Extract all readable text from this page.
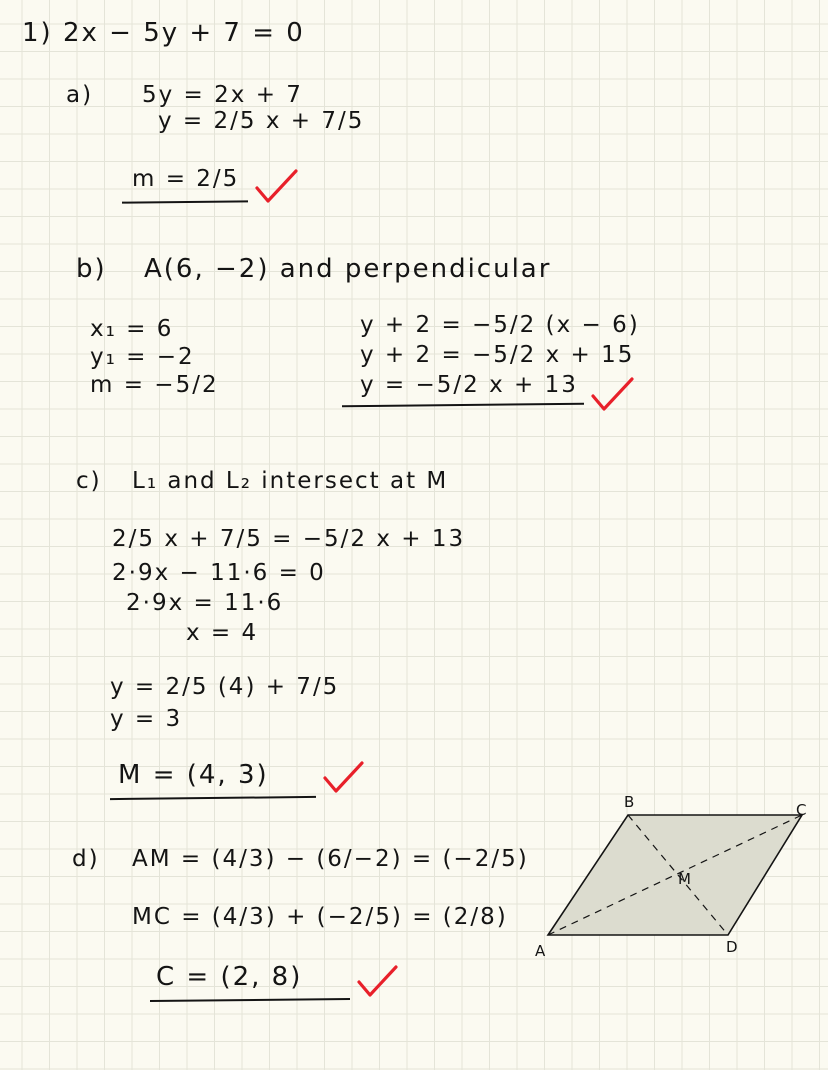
1) 2x − 5y + 7 = 0
a) 5y = 2x + 7
y = 2/5 x + 7/5
m = 2/5
b) A(6, −2) and perpendicular
x₁ = 6
y₁ = −2
m = −5/2
y + 2 = −5/2 (x − 6)
y + 2 = −5/2 x + 15
y = −5/2 x + 13
c) L₁ and L₂ intersect at M
2/5 x + 7/5 = −5/2 x + 13
2·9x − 11·6 = 0
2·9x = 11·6
x = 4
y = 2/5 (4) + 7/5
y = 3
M = (4, 3)
d) AM = (4/3) − (6/−2) = (−2/5)
MC = (4/3) + (−2/5) = (2/8)
C = (2, 8)
B	C
A	D
M
